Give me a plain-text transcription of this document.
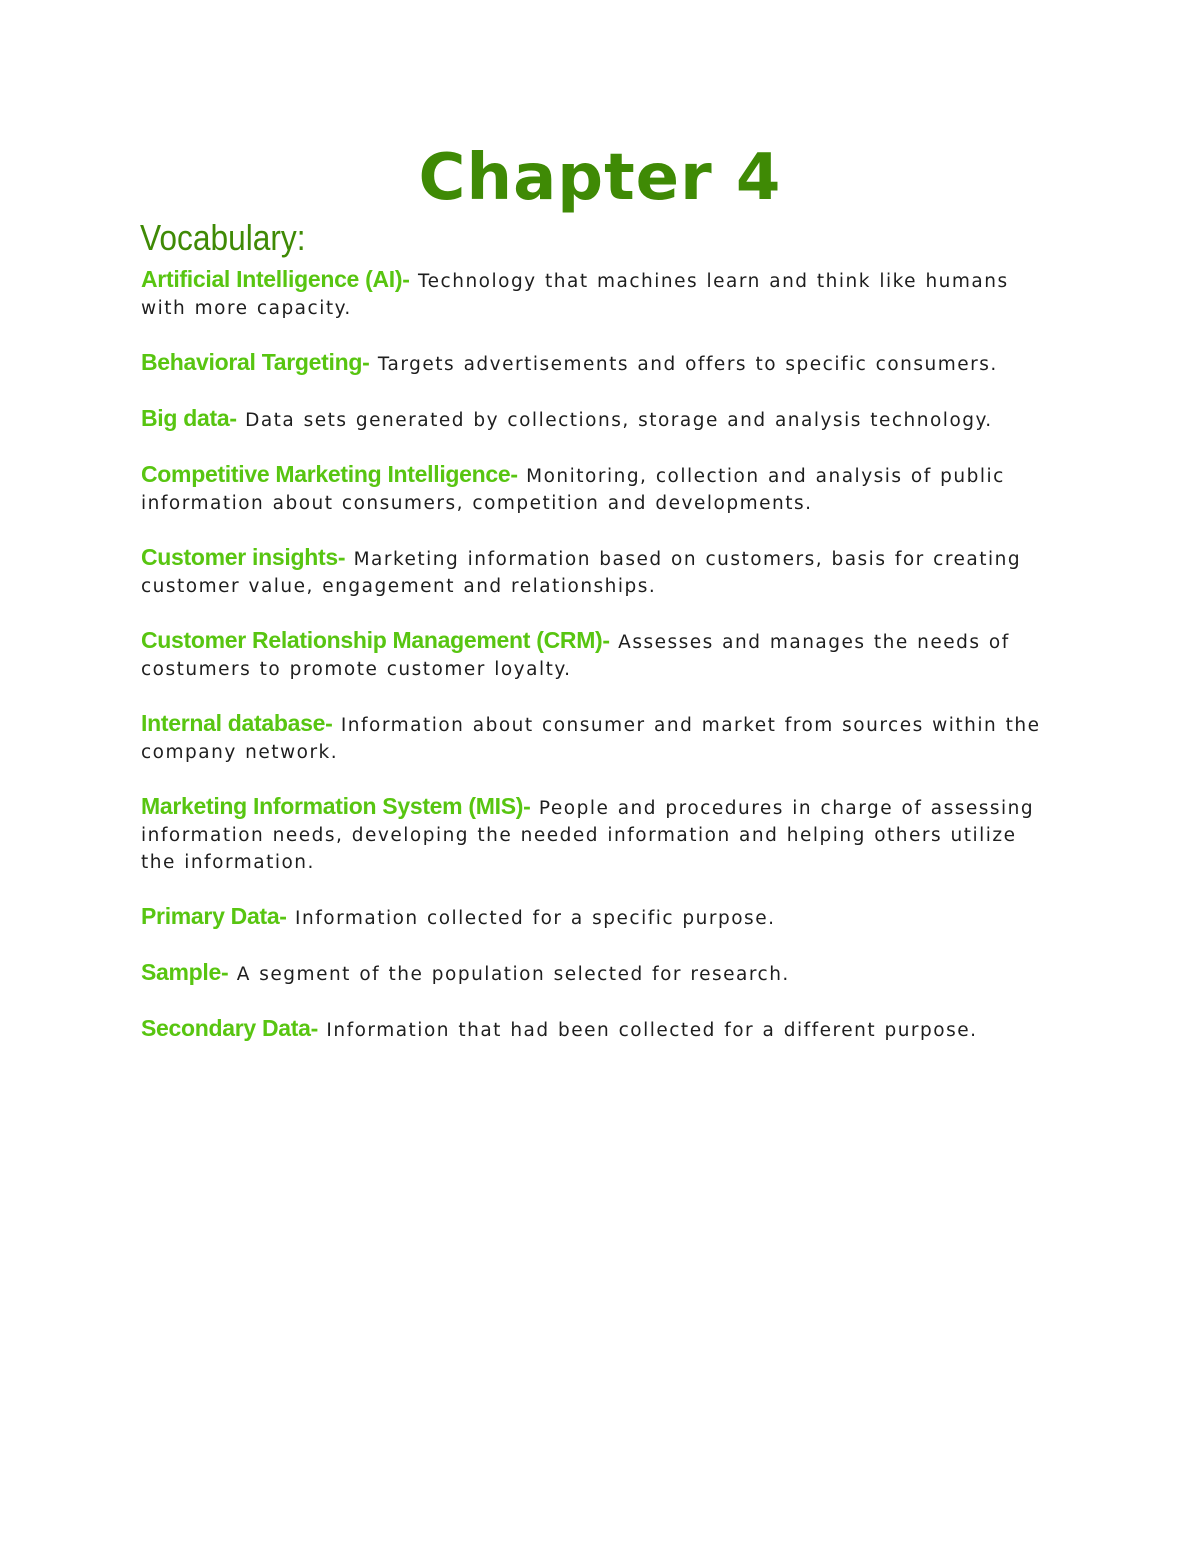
Chapter 4
Vocabulary:
Artificial Intelligence (AI)- Technology that machines learn and think like humans with more capacity.
Behavioral Targeting- Targets advertisements and offers to specific consumers.
Big data- Data sets generated by collections, storage and analysis technology.
Competitive Marketing Intelligence- Monitoring, collection and analysis of public information about consumers, competition and developments.
Customer insights- Marketing information based on customers, basis for creating customer value, engagement and relationships.
Customer Relationship Management (CRM)- Assesses and manages the needs of costumers to promote customer loyalty.
Internal database- Information about consumer and market from sources within the company network.
Marketing Information System (MIS)- People and procedures in charge of assessing information needs, developing the needed information and helping others utilize the information.
Primary Data- Information collected for a specific purpose.
Sample- A segment of the population selected for research.
Secondary Data- Information that had been collected for a different purpose.
